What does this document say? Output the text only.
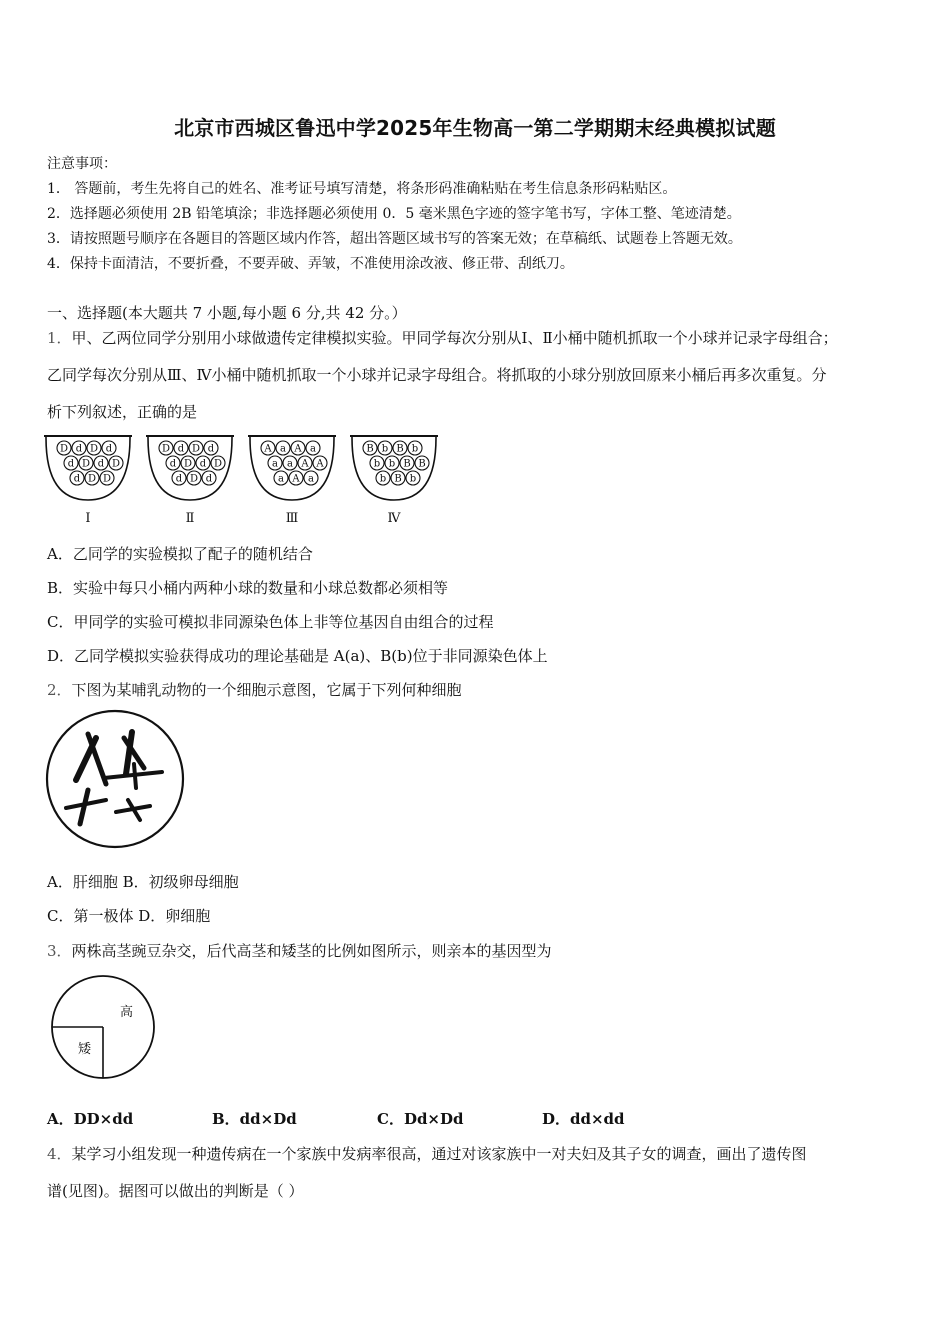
北京市西城区鲁迅中学2025年生物高一第二学期期末经典模拟试题
注意事项：
1． 答题前，考生先将自己的姓名、准考证号填写清楚，将条形码准确粘贴在考生信息条形码粘贴区。
2．选择题必须使用 2B 铅笔填涂；非选择题必须使用 0．5 毫米黑色字迹的签字笔书写，字体工整、笔迹清楚。
3．请按照题号顺序在各题目的答题区域内作答，超出答题区域书写的答案无效；在草稿纸、试题卷上答题无效。
4．保持卡面清洁，不要折叠，不要弄破、弄皱，不准使用涂改液、修正带、刮纸刀。
一、选择题(本大题共 7 小题,每小题 6 分,共 42 分。）
1．甲、乙两位同学分别用小球做遗传定律模拟实验。甲同学每次分别从Ⅰ、Ⅱ小桶中随机抓取一个小球并记录字母组合；
乙同学每次分别从Ⅲ、Ⅳ小桶中随机抓取一个小球并记录字母组合。将抓取的小球分别放回原来小桶后再多次重复。分
析下列叙述，正确的是
D d D d
d D d D
d D D
Ⅰ
D d D d
d D d D
d D d
Ⅱ
A a A a
a a A A
a A a
Ⅲ
B b B b
b b B B
b B b
Ⅳ
A．乙同学的实验模拟了配子的随机结合
B．实验中每只小桶内两种小球的数量和小球总数都必须相等
C．甲同学的实验可模拟非同源染色体上非等位基因自由组合的过程
D．乙同学模拟实验获得成功的理论基础是 A(a)、B(b)位于非同源染色体上
2．下图为某哺乳动物的一个细胞示意图，它属于下列何种细胞
A．肝细胞 B．初级卵母细胞
C．第一极体 D．卵细胞
3．两株高茎豌豆杂交，后代高茎和矮茎的比例如图所示，则亲本的基因型为
高
矮
A．DD×dd	B．dd×Dd	C．Dd×Dd	D．dd×dd
4．某学习小组发现一种遗传病在一个家族中发病率很高，通过对该家族中一对夫妇及其子女的调查，画出了遗传图
谱(见图)。据图可以做出的判断是（ ）
